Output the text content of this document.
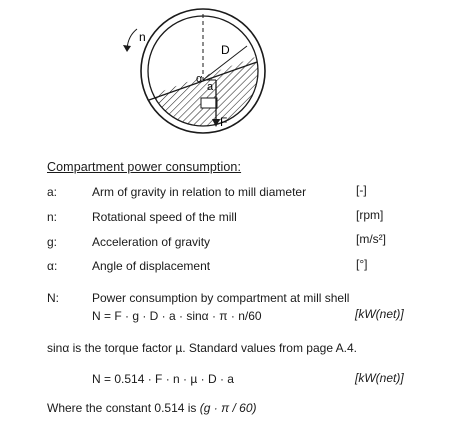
n
D
α
a
F
Compartment power consumption:
a:	Arm of gravity in relation to mill diameter	[-]
n:	Rotational speed of the mill	[rpm]
g:	Acceleration of gravity	[m/s²]
α:	Angle of displacement	[°]
N:	Power consumption by compartment at mill shell
N = F · g · D · a · sinα · π · n/60	[kW(net)]
sinα is the torque factor µ. Standard values from page A.4.
N = 0.514 · F · n · µ · D · a	[kW(net)]
Where the constant 0.514 is (g · π / 60)
